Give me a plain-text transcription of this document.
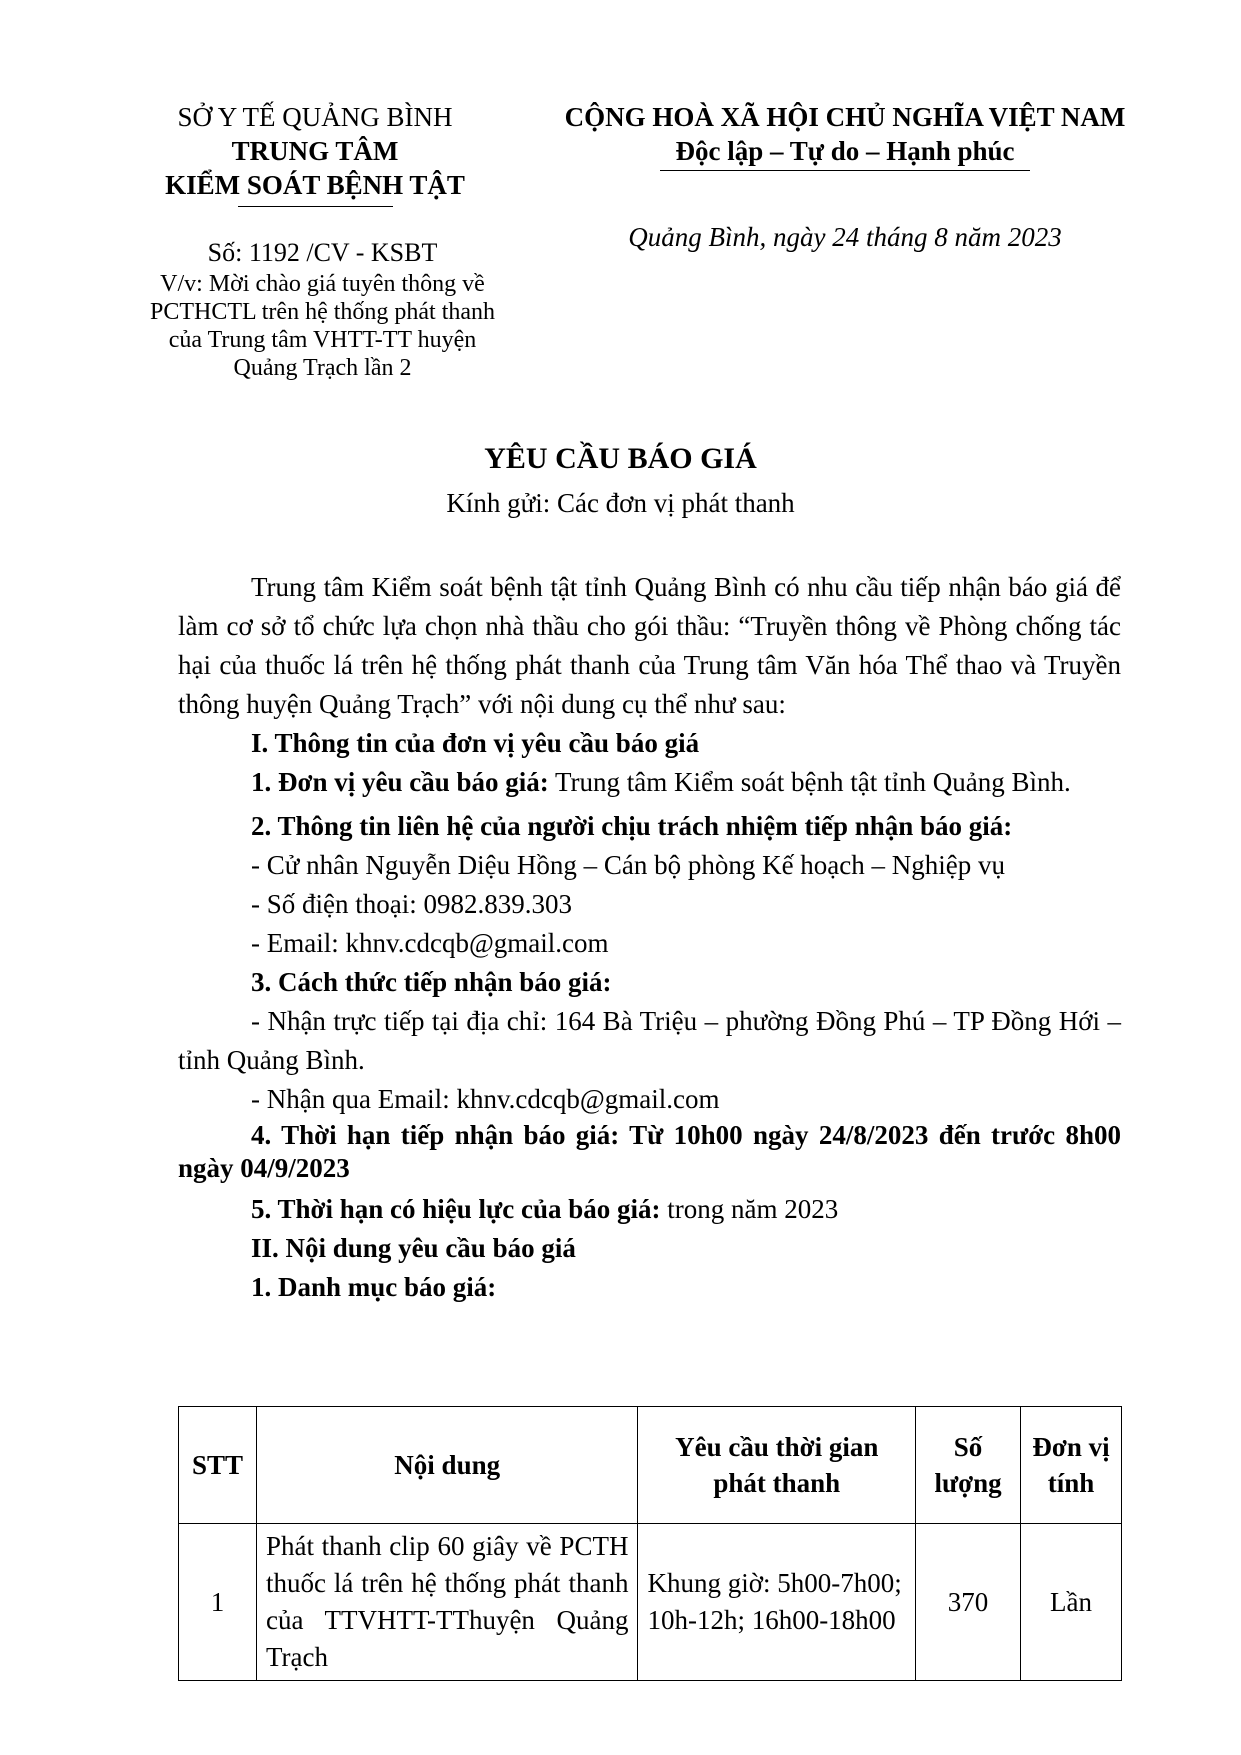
SỞ Y TẾ QUẢNG BÌNH
TRUNG TÂM
KIỂM SOÁT BỆNH TẬT
CỘNG HOÀ XÃ HỘI CHỦ NGHĨA VIỆT NAM
Độc lập – Tự do – Hạnh phúc
Số: 1192 /CV - KSBT
V/v: Mời chào giá tuyên thông về
PCTHCTL trên hệ thống phát thanh
của Trung tâm VHTT-TT huyện
Quảng Trạch lần 2
Quảng Bình, ngày 24 tháng 8 năm 2023
YÊU CẦU BÁO GIÁ
Kính gửi: Các đơn vị phát thanh

Trung tâm Kiểm soát bệnh tật tỉnh Quảng Bình có nhu cầu tiếp nhận báo giá để làm cơ sở tổ chức lựa chọn nhà thầu cho gói thầu: “Truyền thông về Phòng chống tác hại của thuốc lá trên hệ thống phát thanh của Trung tâm Văn hóa Thể thao và Truyền thông huyện Quảng Trạch” với nội dung cụ thể như sau:

I. Thông tin của đơn vị yêu cầu báo giá

1. Đơn vị yêu cầu báo giá: Trung tâm Kiểm soát bệnh tật tỉnh Quảng Bình.

2. Thông tin liên hệ của người chịu trách nhiệm tiếp nhận báo giá:

- Cử nhân Nguyễn Diệu Hồng – Cán bộ phòng Kế hoạch – Nghiệp vụ

- Số điện thoại: 0982.839.303

- Email: khnv.cdcqb@gmail.com

3. Cách thức tiếp nhận báo giá:

- Nhận trực tiếp tại địa chỉ: 164 Bà Triệu – phường Đồng Phú – TP Đồng Hới – tỉnh Quảng Bình.

- Nhận qua Email: khnv.cdcqb@gmail.com

4. Thời hạn tiếp nhận báo giá: Từ 10h00 ngày 24/8/2023 đến trước 8h00 ngày 04/9/2023

5. Thời hạn có hiệu lực của báo giá: trong năm 2023

II. Nội dung yêu cầu báo giá

1. Danh mục báo giá:

STT	Nội dung	Yêu cầu thời gian phát thanh	Số lượng	Đơn vị tính
1	Phát thanh clip 60 giây về PCTH thuốc lá trên hệ thống phát thanh của TTVHTT-TThuyện Quảng Trạch	Khung giờ: 5h00-7h00; 10h-12h; 16h00-18h00	370	Lần
